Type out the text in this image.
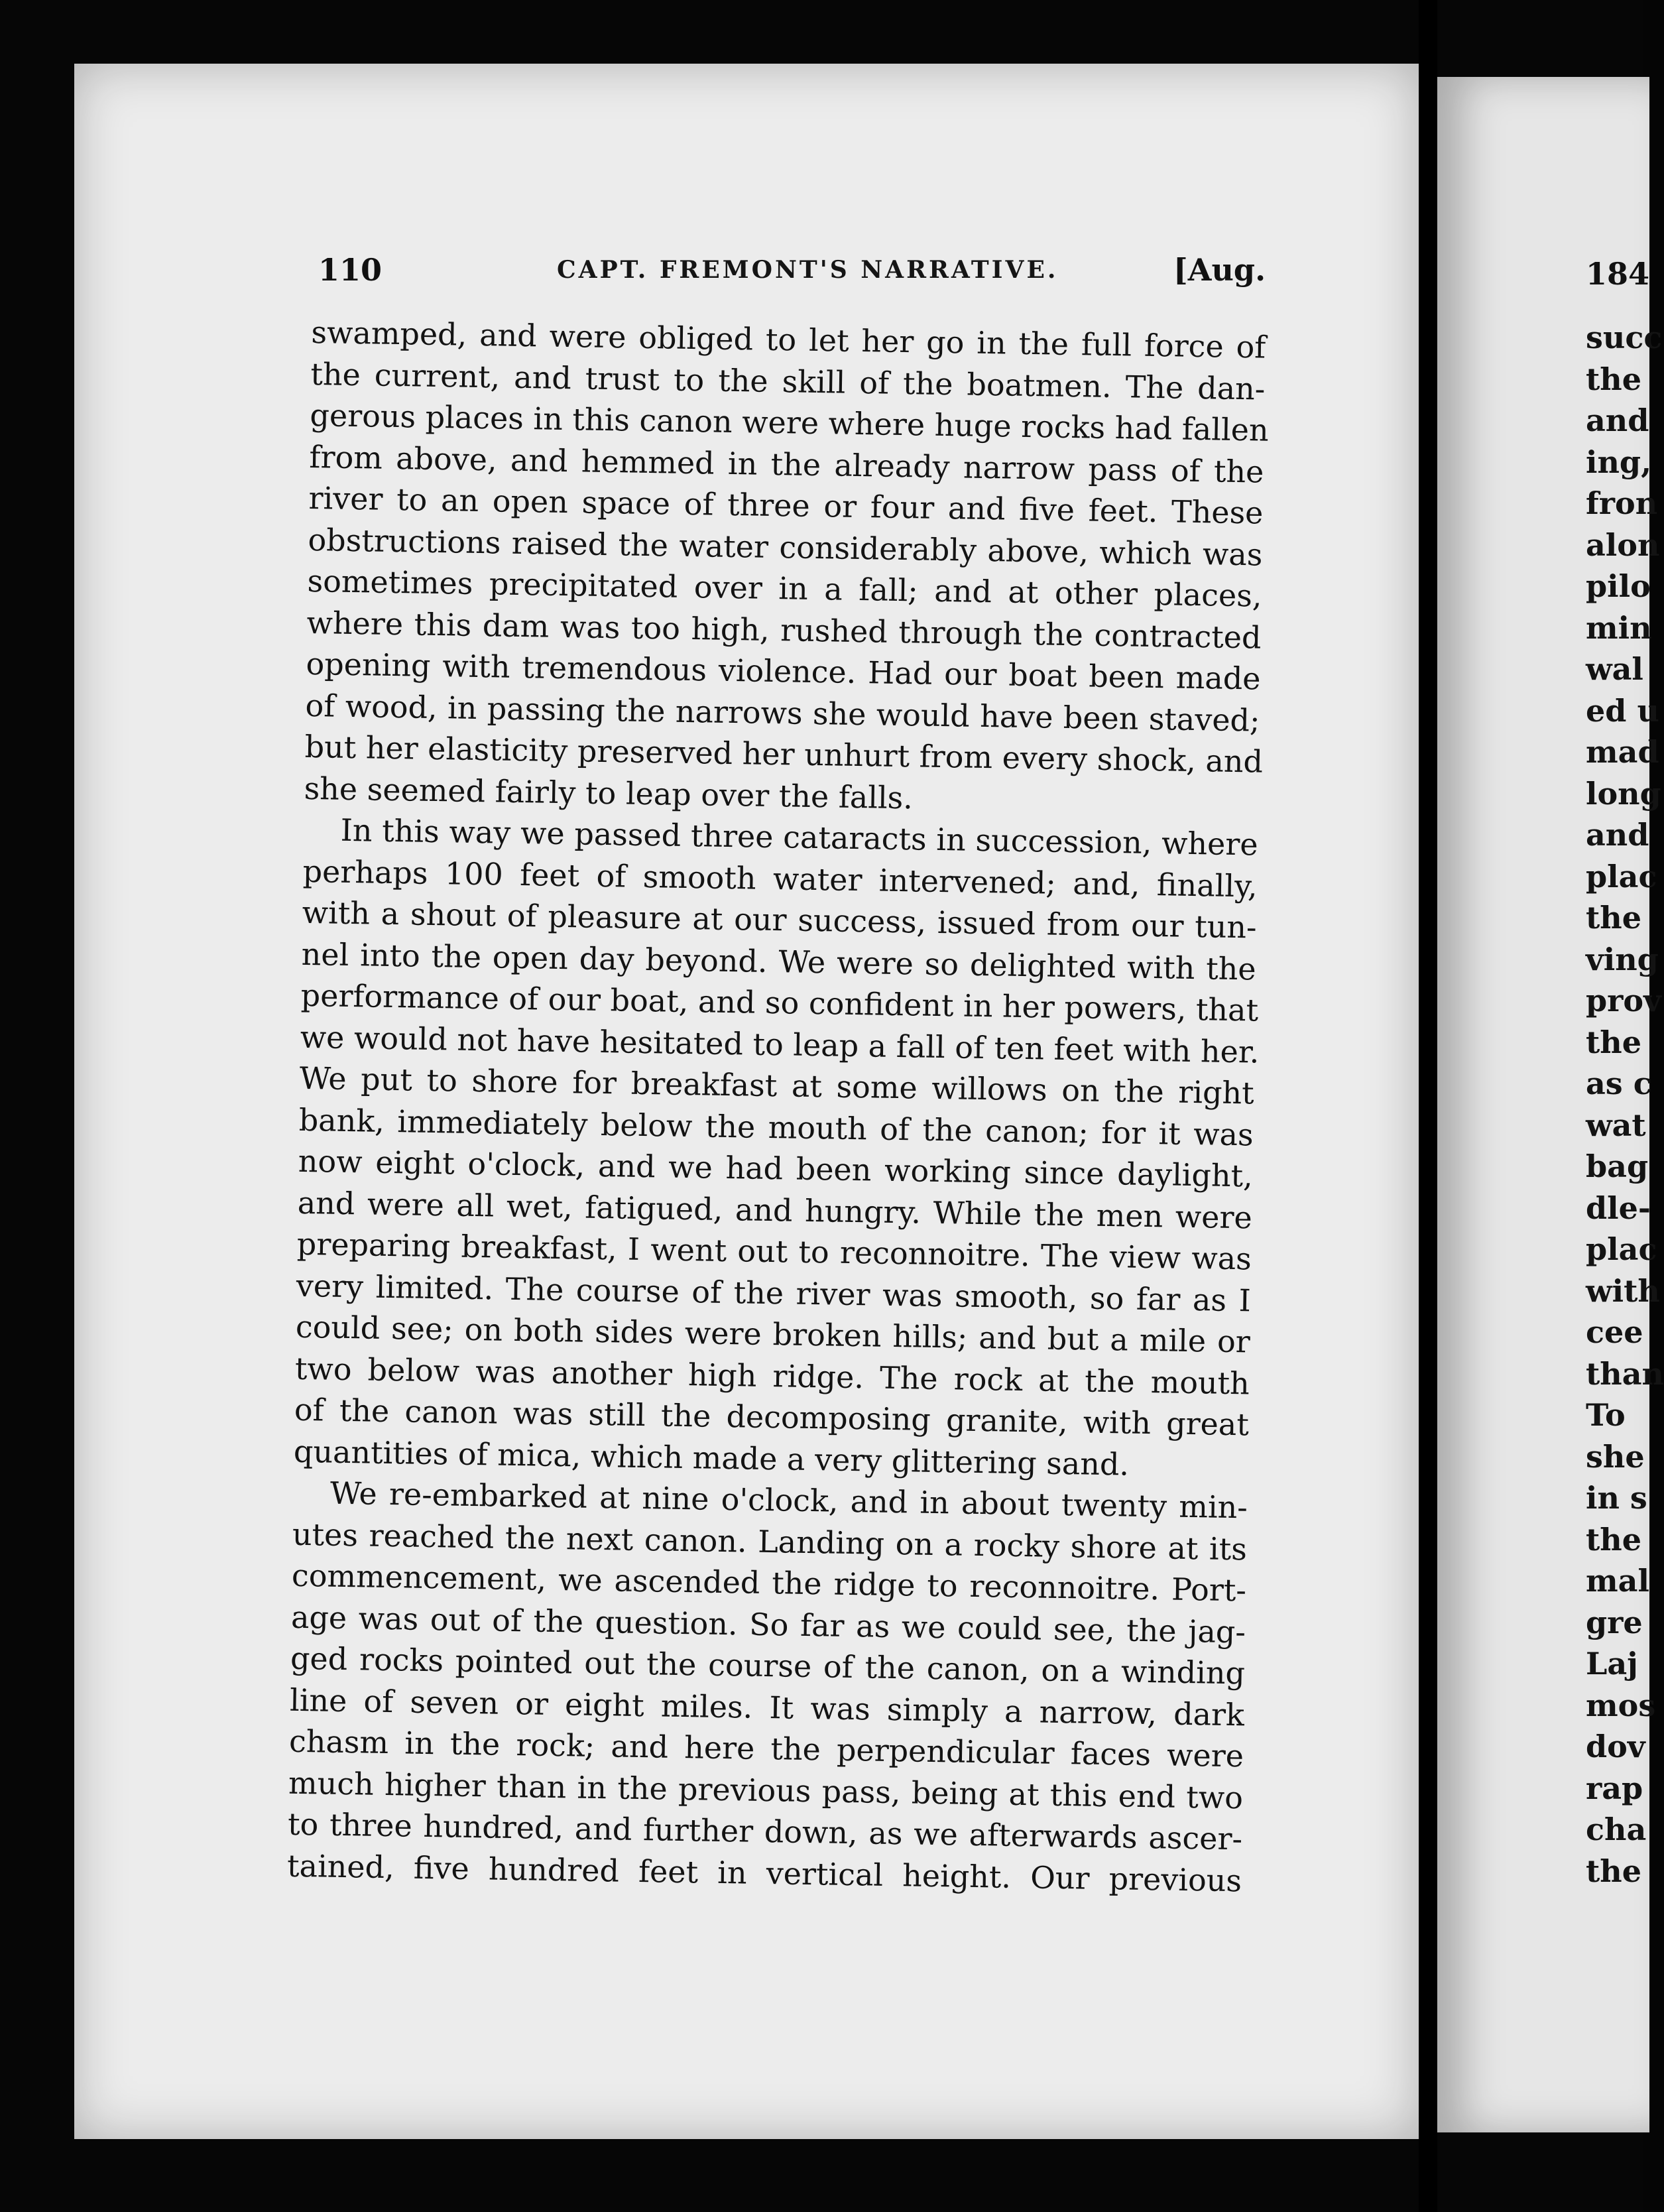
110	CAPT. FREMONT'S NARRATIVE.	[Aug.
swamped, and were obliged to let her go in the full force of
the current, and trust to the skill of the boatmen. The dan-
gerous places in this canon were where huge rocks had fallen
from above, and hemmed in the already narrow pass of the
river to an open space of three or four and five feet. These
obstructions raised the water considerably above, which was
sometimes precipitated over in a fall; and at other places,
where this dam was too high, rushed through the contracted
opening with tremendous violence. Had our boat been made
of wood, in passing the narrows she would have been staved;
but her elasticity preserved her unhurt from every shock, and
she seemed fairly to leap over the falls.
In this way we passed three cataracts in succession, where
perhaps 100 feet of smooth water intervened; and, finally,
with a shout of pleasure at our success, issued from our tun-
nel into the open day beyond. We were so delighted with the
performance of our boat, and so confident in her powers, that
we would not have hesitated to leap a fall of ten feet with her.
We put to shore for breakfast at some willows on the right
bank, immediately below the mouth of the canon; for it was
now eight o'clock, and we had been working since daylight,
and were all wet, fatigued, and hungry. While the men were
preparing breakfast, I went out to reconnoitre. The view was
very limited. The course of the river was smooth, so far as I
could see; on both sides were broken hills; and but a mile or
two below was another high ridge. The rock at the mouth
of the canon was still the decomposing granite, with great
quantities of mica, which made a very glittering sand.
We re-embarked at nine o'clock, and in about twenty min-
utes reached the next canon. Landing on a rocky shore at its
commencement, we ascended the ridge to reconnoitre. Port-
age was out of the question. So far as we could see, the jag-
ged rocks pointed out the course of the canon, on a winding
line of seven or eight miles. It was simply a narrow, dark
chasm in the rock; and here the perpendicular faces were
much higher than in the previous pass, being at this end two
to three hundred, and further down, as we afterwards ascer-
tained, five hundred feet in vertical height. Our previous
184
succ
the
and
ing,
fron
alon
pilo
min
wal
ed u
mad
long
and
plac
the
ving
prov
the
as c
wat
bag
dle-
plac
with
cee
than
To
she
in s
the
mal
gre
Laj
mos
dov
rap
cha
the
